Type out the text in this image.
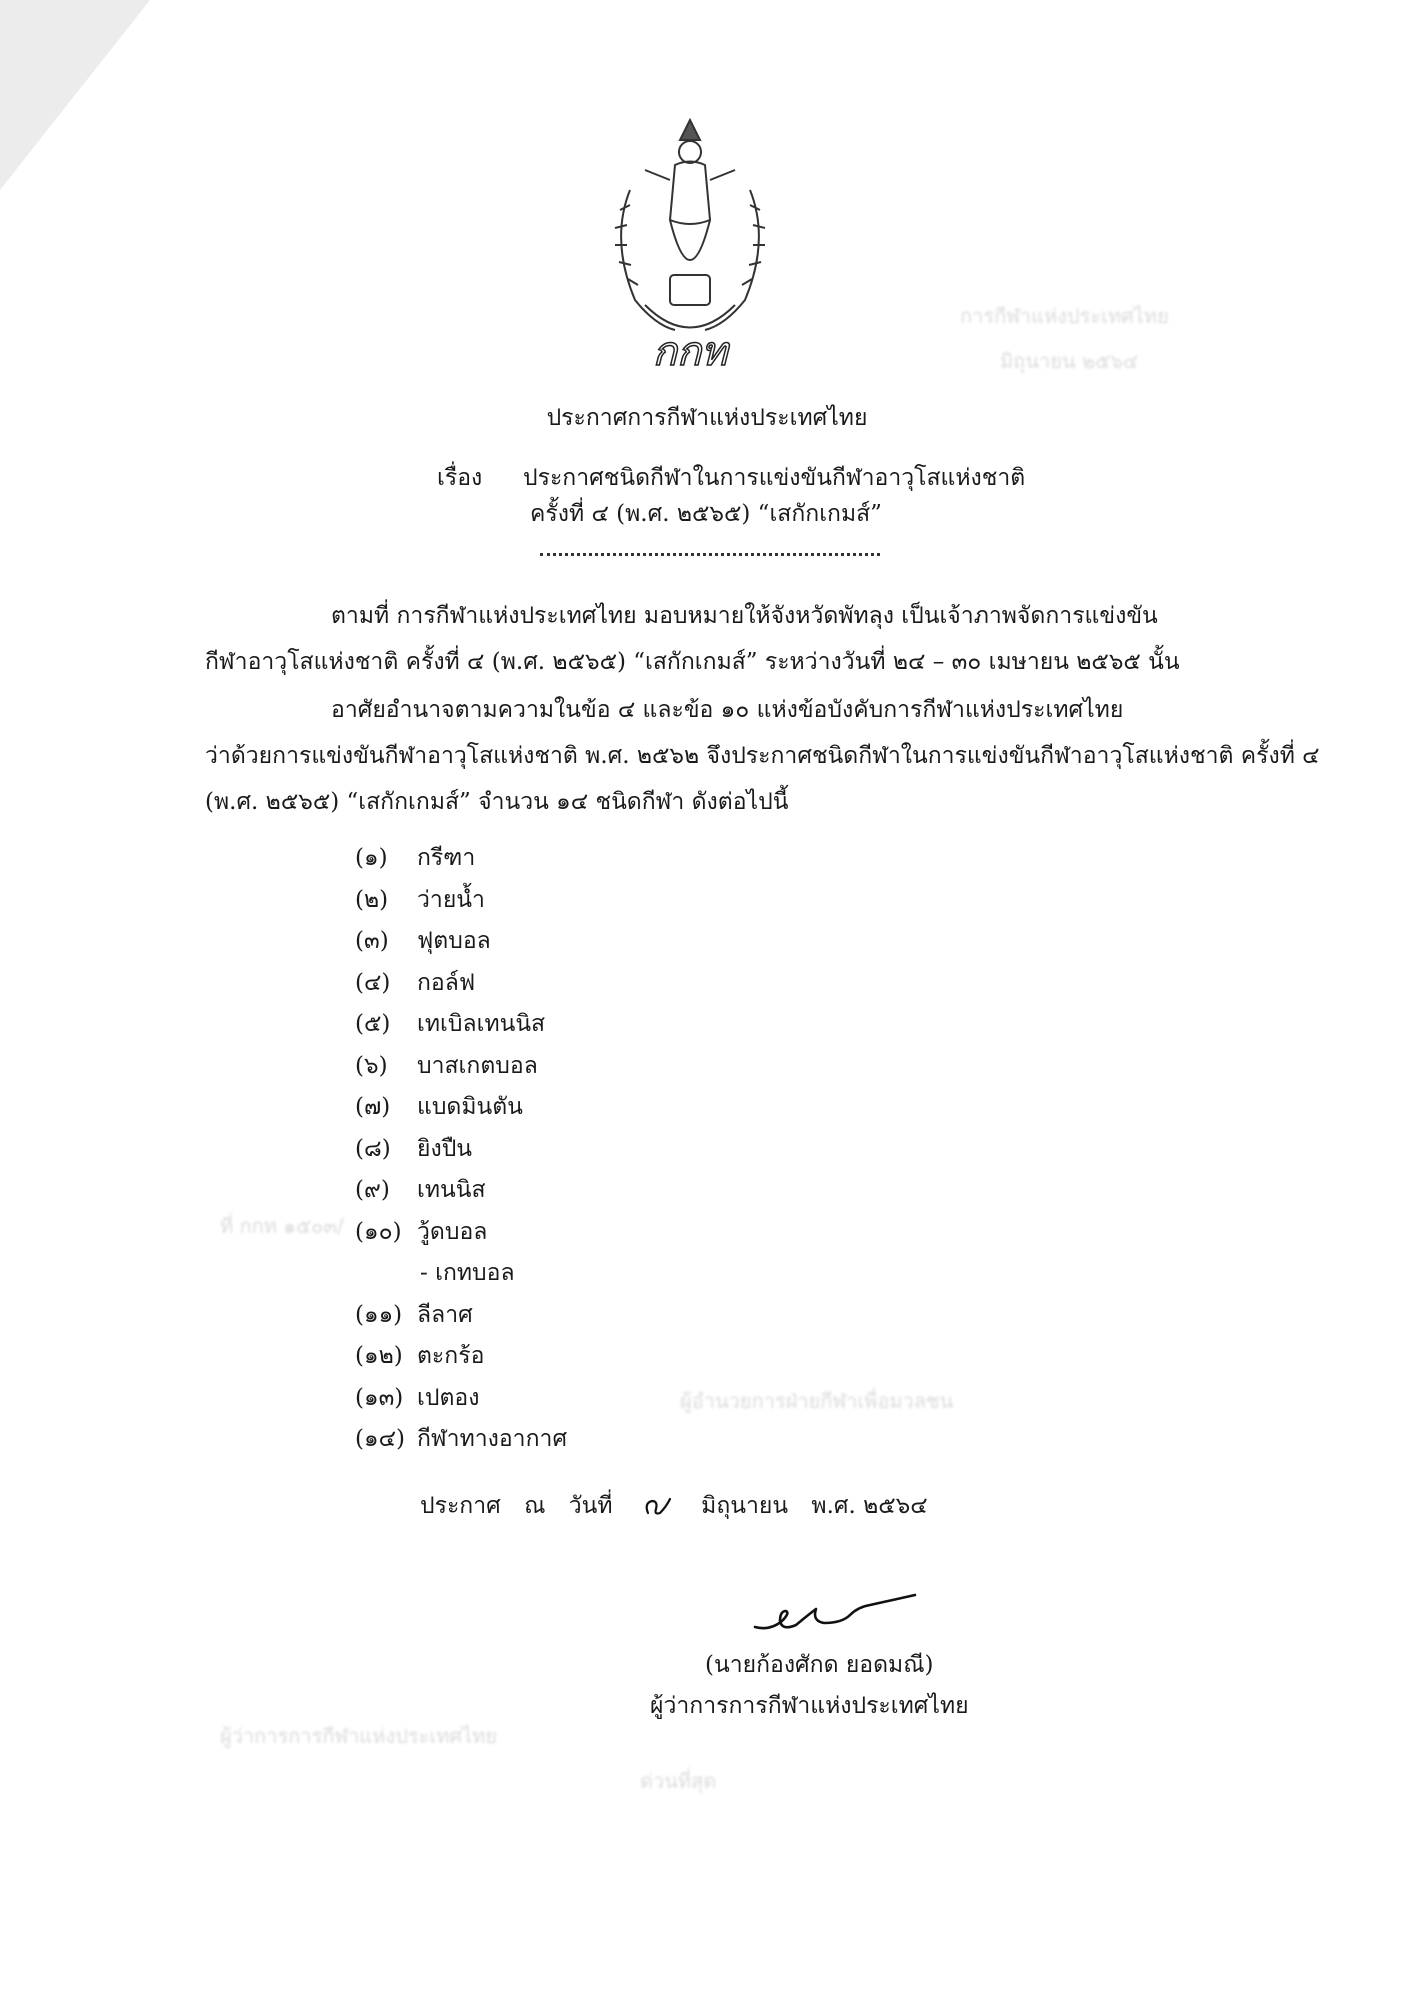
การกีฬาแห่งประเทศไทย
มิถุนายน ๒๕๖๔
ที่ กกท ๑๕๐๓/
ผู้อำนวยการฝ่ายกีฬาเพื่อมวลชน
ผู้ว่าการการกีฬาแห่งประเทศไทย
ด่วนที่สุด
กกท
ประกาศการกีฬาแห่งประเทศไทย
เรื่อง ประกาศชนิดกีฬาในการแข่งขันกีฬาอาวุโสแห่งชาติ
ครั้งที่ ๔ (พ.ศ. ๒๕๖๕) “เสกักเกมส์”
ตามที่ การกีฬาแห่งประเทศไทย มอบหมายให้จังหวัดพัทลุง เป็นเจ้าภาพจัดการแข่งขัน
กีฬาอาวุโสแห่งชาติ ครั้งที่ ๔ (พ.ศ. ๒๕๖๕) “เสกักเกมส์” ระหว่างวันที่ ๒๔ – ๓๐ เมษายน ๒๕๖๕ นั้น
อาศัยอำนาจตามความในข้อ ๔ และข้อ ๑๐ แห่งข้อบังคับการกีฬาแห่งประเทศไทย
ว่าด้วยการแข่งขันกีฬาอาวุโสแห่งชาติ พ.ศ. ๒๕๖๒ จึงประกาศชนิดกีฬาในการแข่งขันกีฬาอาวุโสแห่งชาติ ครั้งที่ ๔
(พ.ศ. ๒๕๖๕) “เสกักเกมส์” จำนวน ๑๔ ชนิดกีฬา ดังต่อไปนี้
(๑) กรีฑา
(๒) ว่ายน้ำ
(๓) ฟุตบอล
(๔) กอล์ฟ
(๕) เทเบิลเทนนิส
(๖) บาสเกตบอล
(๗) แบดมินตัน
(๘) ยิงปืน
(๙) เทนนิส
(๑๐) วู้ดบอล
- เกทบอล
(๑๑) ลีลาศ
(๑๒) ตะกร้อ
(๑๓) เปตอง
(๑๔) กีฬาทางอากาศ
ประกาศ ณ วันที่	๙	มิถุนายน พ.ศ. ๒๕๖๔
(นายก้องศักด ยอดมณี)
ผู้ว่าการการกีฬาแห่งประเทศไทย
